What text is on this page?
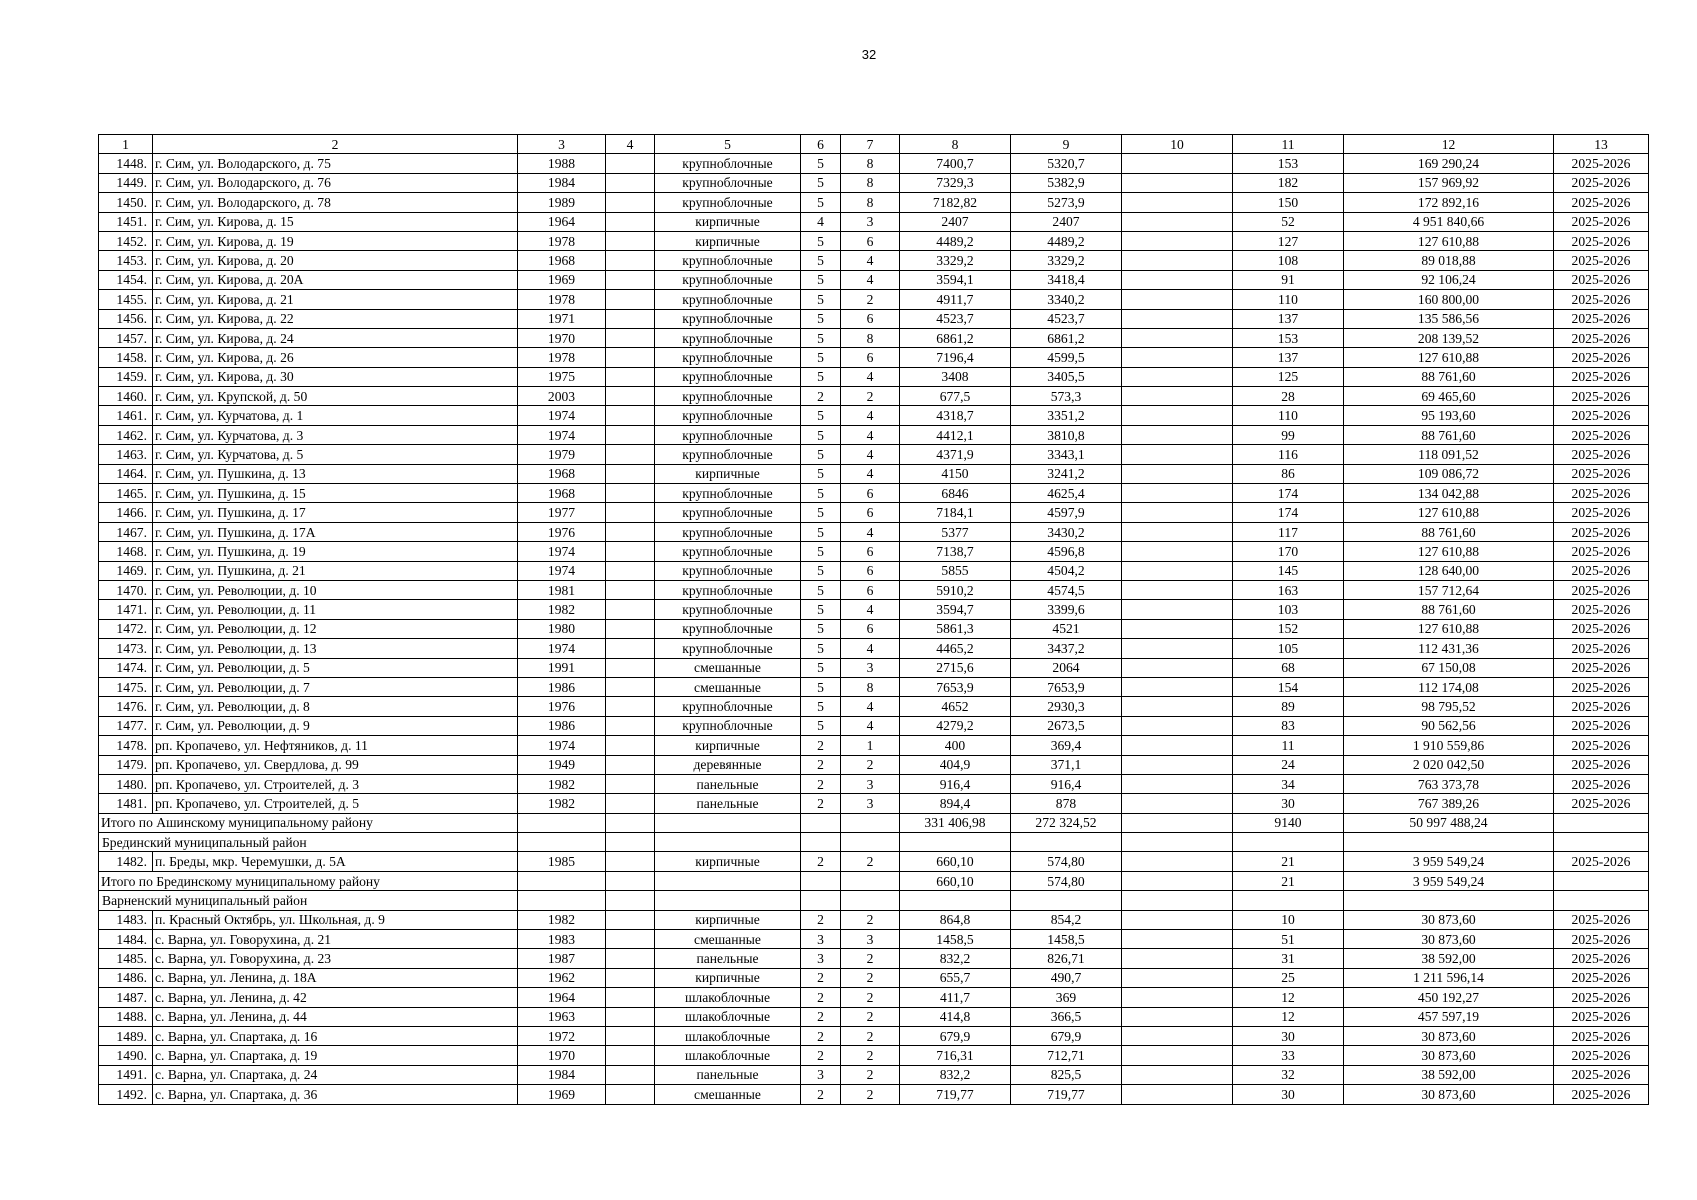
32
1	2	3	4	5	6	7	8	9	10	11	12	13
1448.	г. Сим, ул. Володарского, д. 75	1988		крупноблочные	5	8	7400,7	5320,7		153	169 290,24	2025-2026
1449.	г. Сим, ул. Володарского, д. 76	1984		крупноблочные	5	8	7329,3	5382,9		182	157 969,92	2025-2026
1450.	г. Сим, ул. Володарского, д. 78	1989		крупноблочные	5	8	7182,82	5273,9		150	172 892,16	2025-2026
1451.	г. Сим, ул. Кирова, д. 15	1964		кирпичные	4	3	2407	2407		52	4 951 840,66	2025-2026
1452.	г. Сим, ул. Кирова, д. 19	1978		кирпичные	5	6	4489,2	4489,2		127	127 610,88	2025-2026
1453.	г. Сим, ул. Кирова, д. 20	1968		крупноблочные	5	4	3329,2	3329,2		108	89 018,88	2025-2026
1454.	г. Сим, ул. Кирова, д. 20А	1969		крупноблочные	5	4	3594,1	3418,4		91	92 106,24	2025-2026
1455.	г. Сим, ул. Кирова, д. 21	1978		крупноблочные	5	2	4911,7	3340,2		110	160 800,00	2025-2026
1456.	г. Сим, ул. Кирова, д. 22	1971		крупноблочные	5	6	4523,7	4523,7		137	135 586,56	2025-2026
1457.	г. Сим, ул. Кирова, д. 24	1970		крупноблочные	5	8	6861,2	6861,2		153	208 139,52	2025-2026
1458.	г. Сим, ул. Кирова, д. 26	1978		крупноблочные	5	6	7196,4	4599,5		137	127 610,88	2025-2026
1459.	г. Сим, ул. Кирова, д. 30	1975		крупноблочные	5	4	3408	3405,5		125	88 761,60	2025-2026
1460.	г. Сим, ул. Крупской, д. 50	2003		крупноблочные	2	2	677,5	573,3		28	69 465,60	2025-2026
1461.	г. Сим, ул. Курчатова, д. 1	1974		крупноблочные	5	4	4318,7	3351,2		110	95 193,60	2025-2026
1462.	г. Сим, ул. Курчатова, д. 3	1974		крупноблочные	5	4	4412,1	3810,8		99	88 761,60	2025-2026
1463.	г. Сим, ул. Курчатова, д. 5	1979		крупноблочные	5	4	4371,9	3343,1		116	118 091,52	2025-2026
1464.	г. Сим, ул. Пушкина, д. 13	1968		кирпичные	5	4	4150	3241,2		86	109 086,72	2025-2026
1465.	г. Сим, ул. Пушкина, д. 15	1968		крупноблочные	5	6	6846	4625,4		174	134 042,88	2025-2026
1466.	г. Сим, ул. Пушкина, д. 17	1977		крупноблочные	5	6	7184,1	4597,9		174	127 610,88	2025-2026
1467.	г. Сим, ул. Пушкина, д. 17А	1976		крупноблочные	5	4	5377	3430,2		117	88 761,60	2025-2026
1468.	г. Сим, ул. Пушкина, д. 19	1974		крупноблочные	5	6	7138,7	4596,8		170	127 610,88	2025-2026
1469.	г. Сим, ул. Пушкина, д. 21	1974		крупноблочные	5	6	5855	4504,2		145	128 640,00	2025-2026
1470.	г. Сим, ул. Революции, д. 10	1981		крупноблочные	5	6	5910,2	4574,5		163	157 712,64	2025-2026
1471.	г. Сим, ул. Революции, д. 11	1982		крупноблочные	5	4	3594,7	3399,6		103	88 761,60	2025-2026
1472.	г. Сим, ул. Революции, д. 12	1980		крупноблочные	5	6	5861,3	4521		152	127 610,88	2025-2026
1473.	г. Сим, ул. Революции, д. 13	1974		крупноблочные	5	4	4465,2	3437,2		105	112 431,36	2025-2026
1474.	г. Сим, ул. Революции, д. 5	1991		смешанные	5	3	2715,6	2064		68	67 150,08	2025-2026
1475.	г. Сим, ул. Революции, д. 7	1986		смешанные	5	8	7653,9	7653,9		154	112 174,08	2025-2026
1476.	г. Сим, ул. Революции, д. 8	1976		крупноблочные	5	4	4652	2930,3		89	98 795,52	2025-2026
1477.	г. Сим, ул. Революции, д. 9	1986		крупноблочные	5	4	4279,2	2673,5		83	90 562,56	2025-2026
1478.	рп. Кропачево, ул. Нефтяников, д. 11	1974		кирпичные	2	1	400	369,4		11	1 910 559,86	2025-2026
1479.	рп. Кропачево, ул. Свердлова, д. 99	1949		деревянные	2	2	404,9	371,1		24	2 020 042,50	2025-2026
1480.	рп. Кропачево, ул. Строителей, д. 3	1982		панельные	2	3	916,4	916,4		34	763 373,78	2025-2026
1481.	рп. Кропачево, ул. Строителей, д. 5	1982		панельные	2	3	894,4	878		30	767 389,26	2025-2026
Итого по Ашинскому муниципальному району							331 406,98	272 324,52		9140	50 997 488,24	
Брединский муниципальный район												
1482.	п. Бреды, мкр. Черемушки, д. 5А	1985		кирпичные	2	2	660,10	574,80		21	3 959 549,24	2025-2026
Итого по Брединскому муниципальному району							660,10	574,80		21	3 959 549,24	
Варненский муниципальный район												
1483.	п. Красный Октябрь, ул. Школьная, д. 9	1982		кирпичные	2	2	864,8	854,2		10	30 873,60	2025-2026
1484.	с. Варна, ул. Говорухина, д. 21	1983		смешанные	3	3	1458,5	1458,5		51	30 873,60	2025-2026
1485.	с. Варна, ул. Говорухина, д. 23	1987		панельные	3	2	832,2	826,71		31	38 592,00	2025-2026
1486.	с. Варна, ул. Ленина, д. 18А	1962		кирпичные	2	2	655,7	490,7		25	1 211 596,14	2025-2026
1487.	с. Варна, ул. Ленина, д. 42	1964		шлакоблочные	2	2	411,7	369		12	450 192,27	2025-2026
1488.	с. Варна, ул. Ленина, д. 44	1963		шлакоблочные	2	2	414,8	366,5		12	457 597,19	2025-2026
1489.	с. Варна, ул. Спартака, д. 16	1972		шлакоблочные	2	2	679,9	679,9		30	30 873,60	2025-2026
1490.	с. Варна, ул. Спартака, д. 19	1970		шлакоблочные	2	2	716,31	712,71		33	30 873,60	2025-2026
1491.	с. Варна, ул. Спартака, д. 24	1984		панельные	3	2	832,2	825,5		32	38 592,00	2025-2026
1492.	с. Варна, ул. Спартака, д. 36	1969		смешанные	2	2	719,77	719,77		30	30 873,60	2025-2026
